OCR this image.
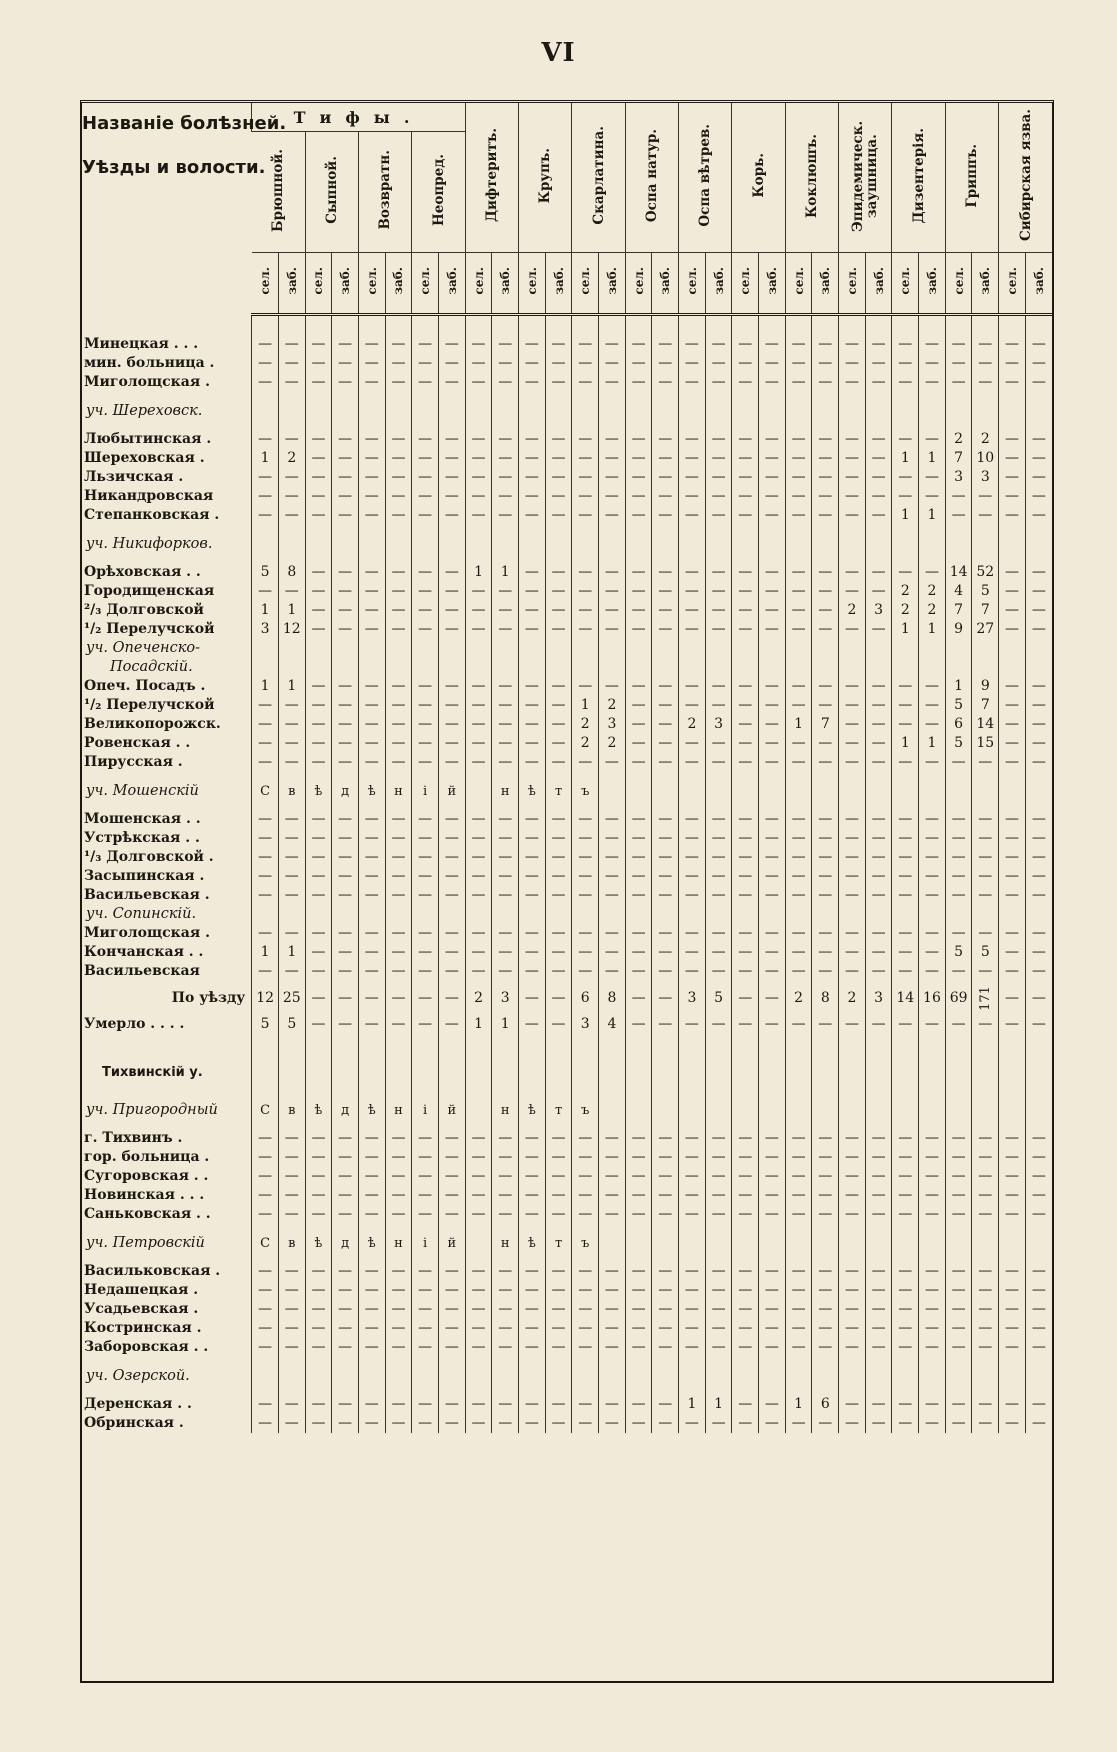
VI
Названіе болѣзней.
Уѣзды и волости.	Тифы.								Дифтеритъ.		Крупъ.		Скарлатина.		Оспа натур.		Оспа вѣтрев.		Корь.		Коклюшъ.		Эпидемическ. заушница.		Дизентерія.		Гриппъ.		Сибирская язва.	
	Брюшной.		Сыпной.		Возвратн.		Неопред.																							
	сел.	заб.	сел.	заб.	сел.	заб.	сел.	заб.	сел.	заб.	сел.	заб.	сел.	заб.	сел.	заб.	сел.	заб.	сел.	заб.	сел.	заб.	сел.	заб.	сел.	заб.	сел.	заб.	сел.	заб.

Минецкая . . .	—	—	—	—	—	—	—	—	—	—	—	—	—	—	—	—	—	—	—	—	—	—	—	—	—	—	—	—	—	—
мин. больница .	—	—	—	—	—	—	—	—	—	—	—	—	—	—	—	—	—	—	—	—	—	—	—	—	—	—	—	—	—	—
Миголощская .	—	—	—	—	—	—	—	—	—	—	—	—	—	—	—	—	—	—	—	—	—	—	—	—	—	—	—	—	—	—
уч. Шереховск.																														
Любытинская .	—	—	—	—	—	—	—	—	—	—	—	—	—	—	—	—	—	—	—	—	—	—	—	—	—	—	2	2	—	—
Шереховская .	1	2	—	—	—	—	—	—	—	—	—	—	—	—	—	—	—	—	—	—	—	—	—	—	1	1	7	10	—	—
Льзичская .	—	—	—	—	—	—	—	—	—	—	—	—	—	—	—	—	—	—	—	—	—	—	—	—	—	—	3	3	—	—
Никандровская	—	—	—	—	—	—	—	—	—	—	—	—	—	—	—	—	—	—	—	—	—	—	—	—	—	—	—	—	—	—
Степанковская .	—	—	—	—	—	—	—	—	—	—	—	—	—	—	—	—	—	—	—	—	—	—	—	—	1	1	—	—	—	—
уч. Никифорков.																														
Орѣховская . .	5	8	—	—	—	—	—	—	1	1	—	—	—	—	—	—	—	—	—	—	—	—	—	—	—	—	14	52	—	—
Городищенская	—	—	—	—	—	—	—	—	—	—	—	—	—	—	—	—	—	—	—	—	—	—	—	—	2	2	4	5	—	—
²/₃ Долговской	1	1	—	—	—	—	—	—	—	—	—	—	—	—	—	—	—	—	—	—	—	—	2	3	2	2	7	7	—	—
¹/₂ Перелучской	3	12	—	—	—	—	—	—	—	—	—	—	—	—	—	—	—	—	—	—	—	—	—	—	1	1	9	27	—	—
уч. Опеченско-
Посадскій.																														
Опеч. Посадъ .	1	1	—	—	—	—	—	—	—	—	—	—	—	—	—	—	—	—	—	—	—	—	—	—	—	—	1	9	—	—
¹/₂ Перелучской	—	—	—	—	—	—	—	—	—	—	—	—	1	2	—	—	—	—	—	—	—	—	—	—	—	—	5	7	—	—
Великопорожск.	—	—	—	—	—	—	—	—	—	—	—	—	2	3	—	—	2	3	—	—	1	7	—	—	—	—	6	14	—	—
Ровенская . .	—	—	—	—	—	—	—	—	—	—	—	—	2	2	—	—	—	—	—	—	—	—	—	—	1	1	5	15	—	—
Пирусская .	—	—	—	—	—	—	—	—	—	—	—	—	—	—	—	—	—	—	—	—	—	—	—	—	—	—	—	—	—	—
уч. Мошенскій	С	в	ѣ	д	ѣ	н	і	й		н	ѣ	т	ъ																	
Мошенская . .	—	—	—	—	—	—	—	—	—	—	—	—	—	—	—	—	—	—	—	—	—	—	—	—	—	—	—	—	—	—
Устрѣкская . .	—	—	—	—	—	—	—	—	—	—	—	—	—	—	—	—	—	—	—	—	—	—	—	—	—	—	—	—	—	—
¹/₃ Долговской .	—	—	—	—	—	—	—	—	—	—	—	—	—	—	—	—	—	—	—	—	—	—	—	—	—	—	—	—	—	—
Засыпинская .	—	—	—	—	—	—	—	—	—	—	—	—	—	—	—	—	—	—	—	—	—	—	—	—	—	—	—	—	—	—
Васильевская .	—	—	—	—	—	—	—	—	—	—	—	—	—	—	—	—	—	—	—	—	—	—	—	—	—	—	—	—	—	—
уч. Сопинскій.																														
Миголощская .	—	—	—	—	—	—	—	—	—	—	—	—	—	—	—	—	—	—	—	—	—	—	—	—	—	—	—	—	—	—
Кончанская . .	1	1	—	—	—	—	—	—	—	—	—	—	—	—	—	—	—	—	—	—	—	—	—	—	—	—	5	5	—	—
Васильевская	—	—	—	—	—	—	—	—	—	—	—	—	—	—	—	—	—	—	—	—	—	—	—	—	—	—	—	—	—	—
По уѣзду	12	25	—	—	—	—	—	—	2	3	—	—	6	8	—	—	3	5	—	—	2	8	2	3	14	16	69	171	—	—
Умерло . . . .	5	5	—	—	—	—	—	—	1	1	—	—	3	4	—	—	—	—	—	—	—	—	—	—	—	—	—	—	—	—

Тихвинскій у.																														
уч. Пригородный	С	в	ѣ	д	ѣ	н	і	й		н	ѣ	т	ъ																	
г. Тихвинъ .	—	—	—	—	—	—	—	—	—	—	—	—	—	—	—	—	—	—	—	—	—	—	—	—	—	—	—	—	—	—
гор. больница .	—	—	—	—	—	—	—	—	—	—	—	—	—	—	—	—	—	—	—	—	—	—	—	—	—	—	—	—	—	—
Сугоровская . .	—	—	—	—	—	—	—	—	—	—	—	—	—	—	—	—	—	—	—	—	—	—	—	—	—	—	—	—	—	—
Новинская . . .	—	—	—	—	—	—	—	—	—	—	—	—	—	—	—	—	—	—	—	—	—	—	—	—	—	—	—	—	—	—
Саньковская . .	—	—	—	—	—	—	—	—	—	—	—	—	—	—	—	—	—	—	—	—	—	—	—	—	—	—	—	—	—	—
уч. Петровскій	С	в	ѣ	д	ѣ	н	і	й		н	ѣ	т	ъ																	
Васильковская .	—	—	—	—	—	—	—	—	—	—	—	—	—	—	—	—	—	—	—	—	—	—	—	—	—	—	—	—	—	—
Недашецкая .	—	—	—	—	—	—	—	—	—	—	—	—	—	—	—	—	—	—	—	—	—	—	—	—	—	—	—	—	—	—
Усадьевская .	—	—	—	—	—	—	—	—	—	—	—	—	—	—	—	—	—	—	—	—	—	—	—	—	—	—	—	—	—	—
Костринская .	—	—	—	—	—	—	—	—	—	—	—	—	—	—	—	—	—	—	—	—	—	—	—	—	—	—	—	—	—	—
Заборовская . .	—	—	—	—	—	—	—	—	—	—	—	—	—	—	—	—	—	—	—	—	—	—	—	—	—	—	—	—	—	—
уч. Озерской.																														
Деренская . .	—	—	—	—	—	—	—	—	—	—	—	—	—	—	—	—	1	1	—	—	1	6	—	—	—	—	—	—	—	—
Обринская .	—	—	—	—	—	—	—	—	—	—	—	—	—	—	—	—	—	—	—	—	—	—	—	—	—	—	—	—	—	—
